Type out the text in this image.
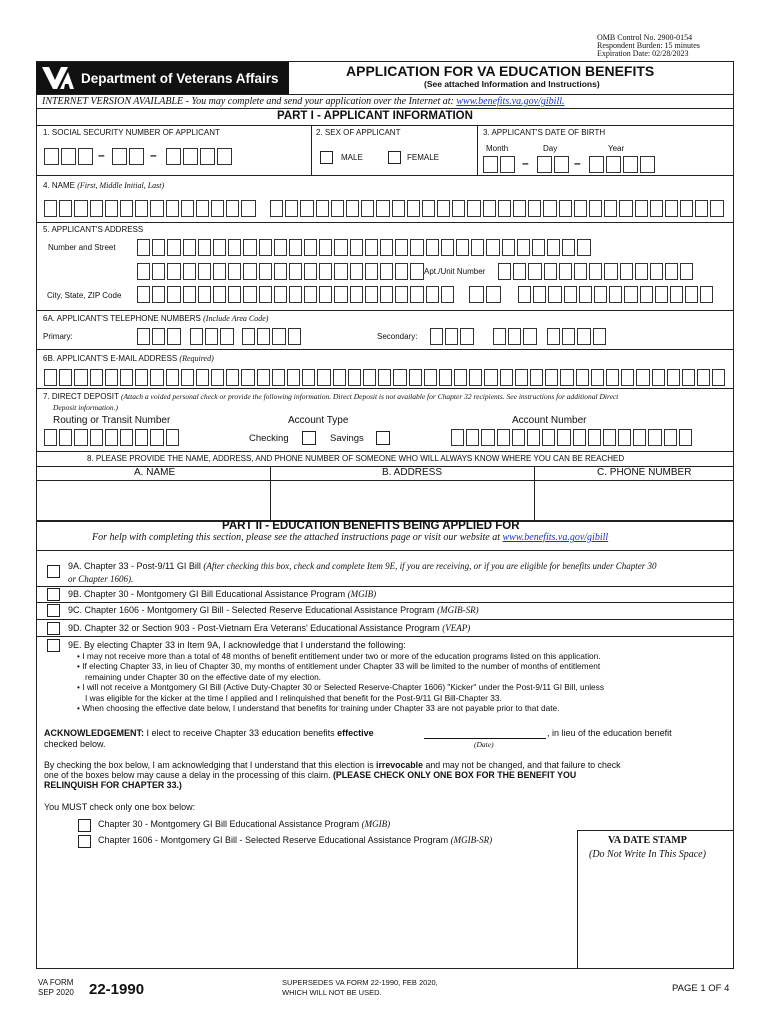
OMB Control No. 2900-0154
Respondent Burden: 15 minutes
Expiration Date: 02/28/2023
Department of Veterans Affairs	APPLICATION FOR VA EDUCATION BENEFITS
(See attached Information and Instructions)
INTERNET VERSION AVAILABLE - You may complete and send your application over the Internet at: www.benefits.va.gov/gibill.
PART I - APPLICANT INFORMATION
1. SOCIAL SECURITY NUMBER OF APPLICANT	2. SEX OF APPLICANT	3. APPLICANT'S DATE OF BIRTH
–	–	MALE	FEMALE
Month	Day	Year
–	–
4. NAME (First, Middle Initial, Last)
5. APPLICANT'S ADDRESS
Number and Street
Apt./Unit Number
City, State, ZIP Code
6A. APPLICANT'S TELEPHONE NUMBERS (Include Area Code)
Primary:	Secondary:
6B. APPLICANT'S E-MAIL ADDRESS (Required)
7. DIRECT DEPOSIT (Attach a voided personal check or provide the following information. Direct Deposit is not available for Chapter 32 recipients. See instructions for additional Direct
Deposit information.)
Routing or Transit Number	Account Type	Account Number
Checking	Savings
8. PLEASE PROVIDE THE NAME, ADDRESS, AND PHONE NUMBER OF SOMEONE WHO WILL ALWAYS KNOW WHERE YOU CAN BE REACHED
A. NAME	B. ADDRESS	C. PHONE NUMBER
PART II - EDUCATION BENEFITS BEING APPLIED FOR
For help with completing this section, please see the attached instructions page or visit our website at www.benefits.va.gov/gibill
9A. Chapter 33 - Post-9/11 GI Bill (After checking this box, check and complete Item 9E, if you are receiving, or if you are eligible for benefits under Chapter 30
or Chapter 1606).
9B. Chapter 30 - Montgomery GI Bill Educational Assistance Program (MGIB)
9C. Chapter 1606 - Montgomery GI Bill - Selected Reserve Educational Assistance Program (MGIB-SR)
9D. Chapter 32 or Section 903 - Post-Vietnam Era Veterans' Educational Assistance Program (VEAP)
9E. By electing Chapter 33 in Item 9A, I acknowledge that I understand the following:
• I may not receive more than a total of 48 months of benefit entitlement under two or more of the education programs listed on this application.
• If electing Chapter 33, in lieu of Chapter 30, my months of entitlement under Chapter 33 will be limited to the number of months of entitlement
remaining under Chapter 30 on the effective date of my election.
• I will not receive a Montgomery GI Bill (Active Duty-Chapter 30 or Selected Reserve-Chapter 1606) "Kicker" under the Post-9/11 GI Bill, unless
I was eligible for the kicker at the time I applied and I relinquished that benefit for the Post-9/11 GI Bill-Chapter 33.
• When choosing the effective date below, I understand that benefits for training under Chapter 33 are not payable prior to that date.
ACKNOWLEDGEMENT: I elect to receive Chapter 33 education benefits effective	, in lieu of the education benefit
checked below.	(Date)
By checking the box below, I am acknowledging that I understand that this election is irrevocable and may not be changed, and that failure to check
one of the boxes below may cause a delay in the processing of this claim. (PLEASE CHECK ONLY ONE BOX FOR THE BENEFIT YOU
RELINQUISH FOR CHAPTER 33.)
You MUST check only one box below:
Chapter 30 - Montgomery GI Bill Educational Assistance Program (MGIB)
Chapter 1606 - Montgomery GI Bill - Selected Reserve Educational Assistance Program (MGIB-SR)	VA DATE STAMP
(Do Not Write In This Space)
VA FORM
SEP 2020 22-1990	SUPERSEDES VA FORM 22-1990, FEB 2020,
WHICH WILL NOT BE USED.	PAGE 1 OF 4
